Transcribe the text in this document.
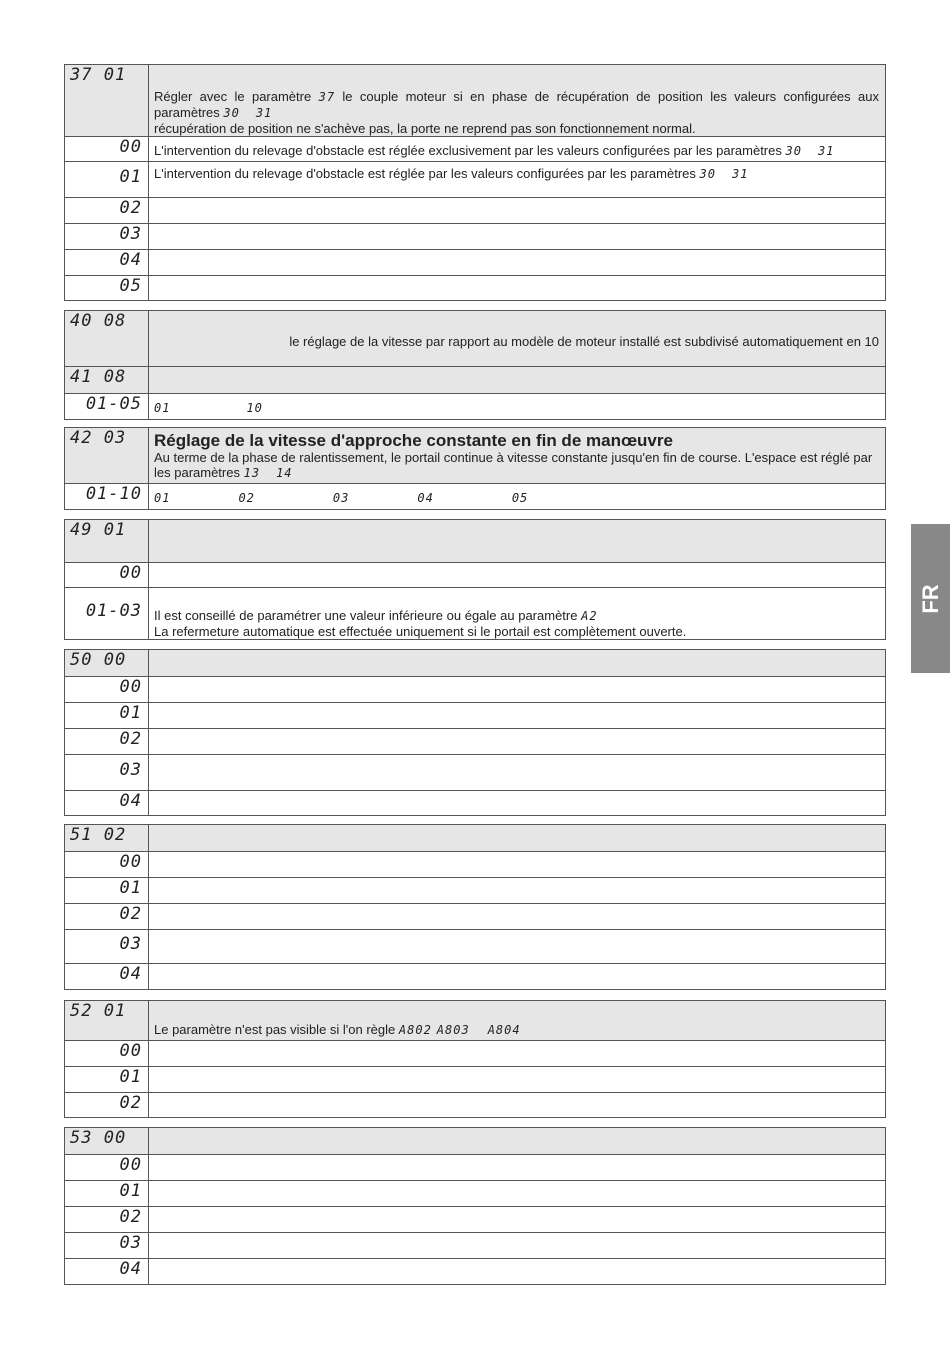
37 01	Régler avec le paramètre 37 le couple moteur si en phase de récupération de position les valeurs configurées aux paramètres 30 31
récupération de position ne s'achève pas, la porte ne reprend pas son fonctionnement normal.

00	L'intervention du relevage d'obstacle est réglée exclusivement par les valeurs configurées par les paramètres 30 31

01	L'intervention du relevage d'obstacle est réglée par les valeurs configurées par les paramètres 30 31

02	

03	

04	

05	

40 08	le réglage de la vitesse par rapport au modèle de moteur installé est subdivisé automatiquement en 10

41 08	

01-05	01 10
42 03	Réglage de la vitesse d'approche constante en fin de manœuvre
Au terme de la phase de ralentissement, le portail continue à vitesse constante jusqu'en fin de course. L'espace est réglé par les paramètres 13 14

01-10	01 02 03 04 05
49 01	

00	

01-03	Il est conseillé de paramétrer une valeur inférieure ou égale au paramètre A2
La refermeture automatique est effectuée uniquement si le portail est complètement ouverte.
50 00	

00	

01	

02	

03	

04	

51 02	

00	

01	

02	

03	

04	

52 01	Le paramètre n'est pas visible si l'on règle A802 A803 A804

00	

01	

02	

53 00	

00	

01	

02	

03	

04	

FR
